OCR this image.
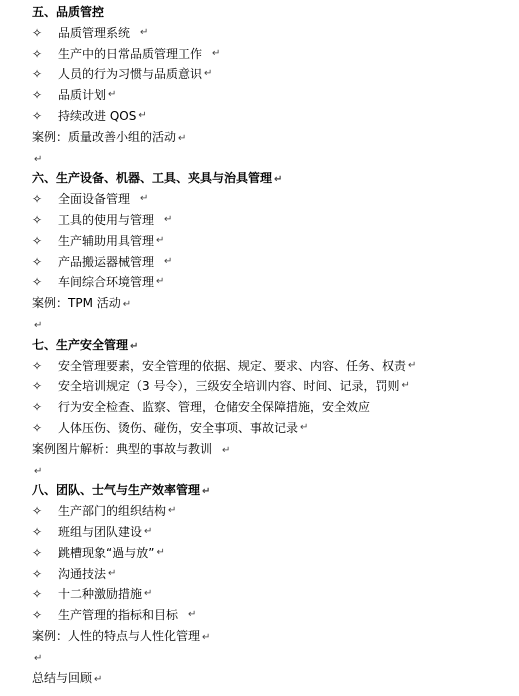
五、品质管控
✧	品质管理系统 ↵
✧	生产中的日常品质管理工作 ↵
✧	人员的行为习惯与品质意识 ↵
✧	品质计划 ↵
✧	持续改进 QOS ↵
案例：质量改善小组的活动 ↵
↵
六、生产设备、机器、工具、夹具与治具管理 ↵
✧	全面设备管理 ↵
✧	工具的使用与管理 ↵
✧	生产辅助用具管理 ↵
✧	产品搬运器械管理 ↵
✧	车间综合环境管理 ↵
案例：TPM 活动 ↵
↵
七、生产安全管理 ↵
✧	安全管理要素，安全管理的依据、规定、要求、内容、任务、权责 ↵
✧	安全培训规定（3 号令），三级安全培训内容、时间、记录，罚则 ↵
✧	行为安全检查、监察、管理，仓储安全保障措施，安全效应
✧	人体压伤、烫伤、碰伤，安全事项、事故记录 ↵
案例图片解析：典型的事故与教训 ↵
↵
八、团队、士气与生产效率管理 ↵
✧	生产部门的组织结构 ↵
✧	班组与团队建设 ↵
✧	跳槽现象“過与放” ↵
✧	沟通技法 ↵
✧	十二种激励措施 ↵
✧	生产管理的指标和目标 ↵
案例：人性的特点与人性化管理 ↵
↵
总结与回顾 ↵
